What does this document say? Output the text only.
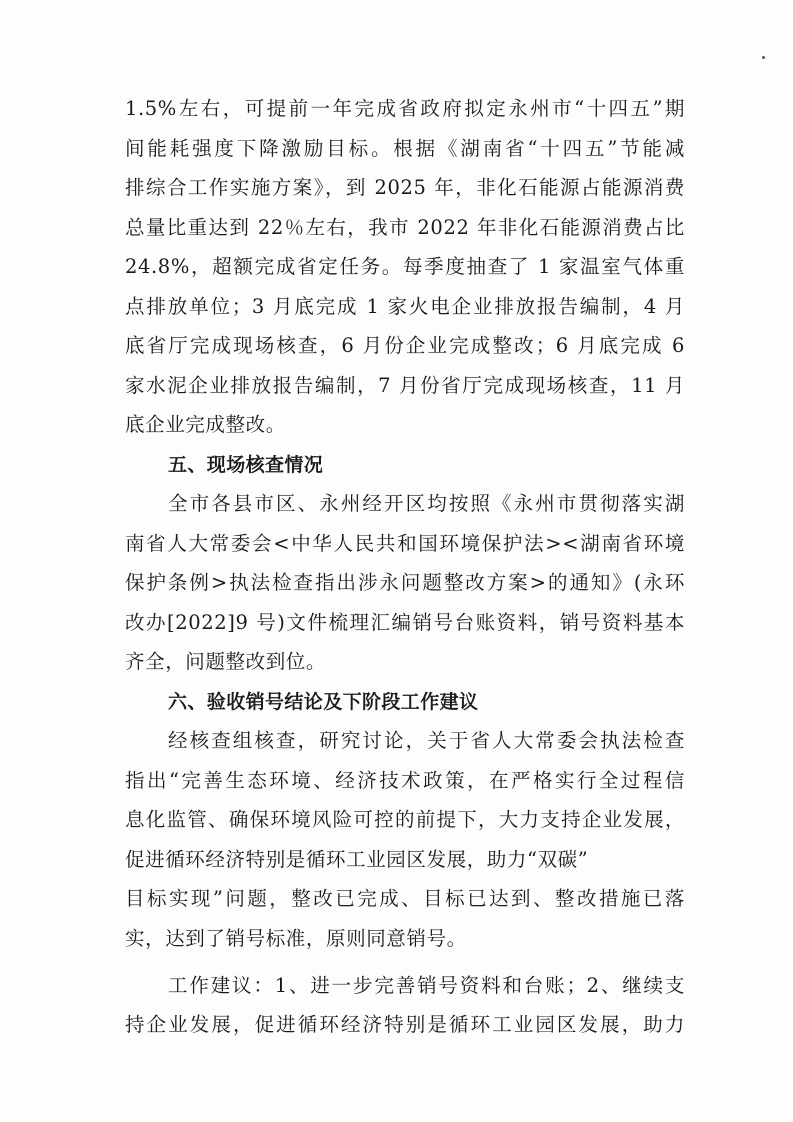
1.5%左右，可提前一年完成省政府拟定永州市“十四五”期
间能耗强度下降激励目标。根据《湖南省“十四五”节能减
排综合工作实施方案》，到 2025 年，非化石能源占能源消费
总量比重达到 22％左右，我市 2022 年非化石能源消费占比
24.8%，超额完成省定任务。每季度抽查了 1 家温室气体重
点排放单位；3 月底完成 1 家火电企业排放报告编制，4 月
底省厅完成现场核查，6 月份企业完成整改；6 月底完成 6
家水泥企业排放报告编制，7 月份省厅完成现场核查，11 月
底企业完成整改。
五、现场核查情况
全市各县市区、永州经开区均按照《永州市贯彻落实湖
南省人大常委会<中华人民共和国环境保护法><湖南省环境
保护条例>执法检查指出涉永问题整改方案>的通知》(永环
改办[2022]9 号)文件梳理汇编销号台账资料，销号资料基本
齐全，问题整改到位。
六、验收销号结论及下阶段工作建议
经核查组核查，研究讨论，关于省人大常委会执法检查
指出“完善生态环境、经济技术政策，在严格实行全过程信
息化监管、确保环境风险可控的前提下，大力支持企业发展，
促进循环经济特别是循环工业园区发展，助力“双碳”
目标实现”问题，整改已完成、目标已达到、整改措施已落
实，达到了销号标准，原则同意销号。
工作建议：1、进一步完善销号资料和台账；2、继续支
持企业发展，促进循环经济特别是循环工业园区发展，助力
